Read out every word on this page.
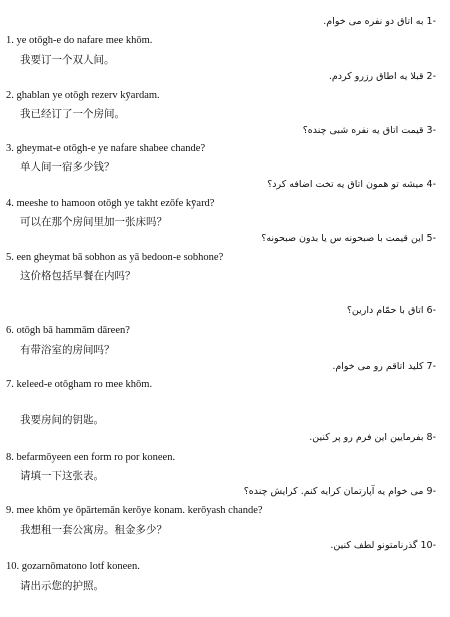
-1 به اتاق دو نفره می خوام.
1. ye otōgh-e do nafare mee khōm.
我要订一个双人间。
-2 قبلا یه اطاق رزرو کردم.
2. ghablan ye otōgh rezerv kȳardam.
我已经订了一个房间。
-3 قیمت اتاق یه نفره شبی چنده؟
3. gheymat-e otōgh-e ye nafare shabee chande?
单人间一宿多少钱？
-4 میشه تو همون اتاق یه تخت اضافه کرد؟
4. meeshe to hamoon otōgh ye takht ezōfe kȳard?
可以在那个房间里加一张床吗？
-5 این قیمت با صبحونه س یا بدون صبحونه؟
5. een gheymat bā sobhon as yā bedoon-e sobhone?
这价格包括早餐在内吗？
-6 اتاق با حمّام دارین؟
6. otōgh bā hammām dāreen?
有带浴室的房间吗？
-7 کلید اتاقم رو می خوام.
7. keleed-e otōgham ro mee khōm.
我要房间的钥匙。
-8 بفرمایین این فرم رو پر کنین.
8. befarmōyeen een form ro por koneen.
请填一下这张表。
-9 می خوام یه آپارتمان کرایه کنم. کرایش چنده؟
9. mee khōm ye ōpārtemān kerōye konam. kerōyash chande?
我想租一套公寓房。租金多少？
-10 گذرنامتونو لطف کنین.
10. gozarnōmatono lotf koneen.
请出示您的护照。
